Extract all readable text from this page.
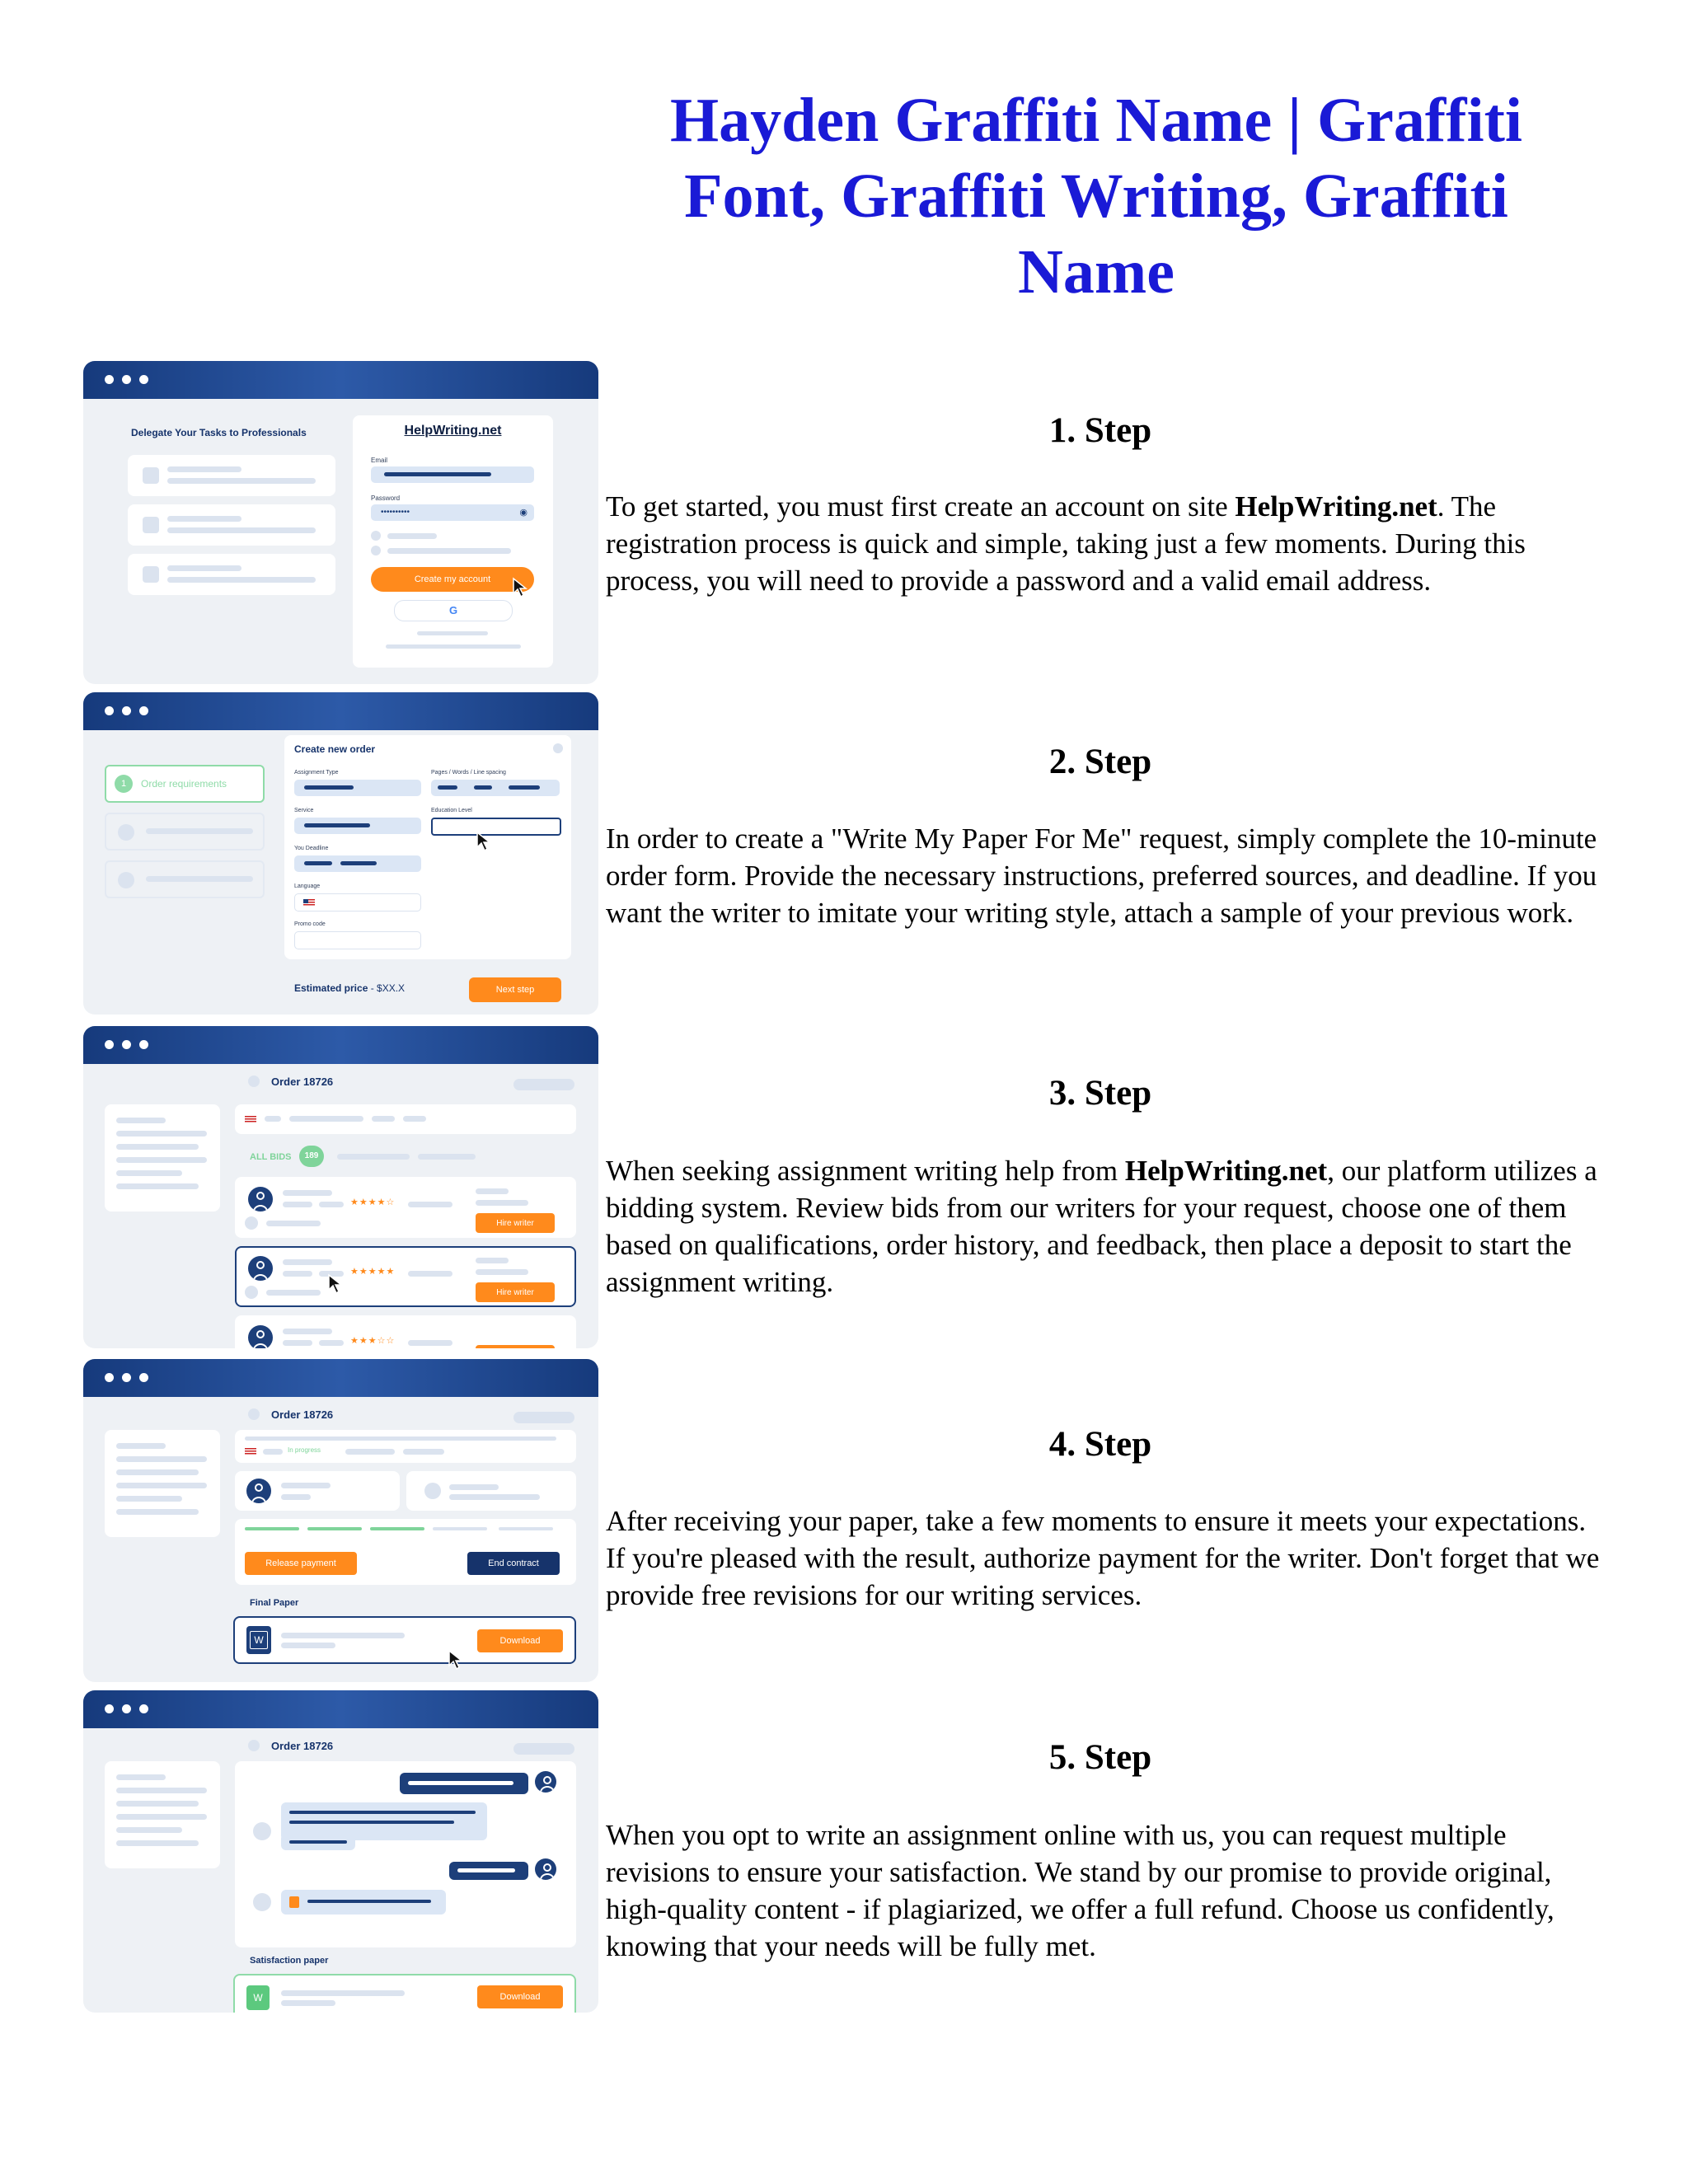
Hayden Graffiti Name | Graffiti Font, Graffiti Writing, Graffiti Name
1. Step

To get started, you must first create an account on site HelpWriting.net. The registration process is quick and simple, taking just a few moments. During this process, you will need to provide a password and a valid email address.

2. Step

In order to create a "Write My Paper For Me" request, simply complete the 10-minute order form. Provide the necessary instructions, preferred sources, and deadline. If you want the writer to imitate your writing style, attach a sample of your previous work.

3. Step

When seeking assignment writing help from HelpWriting.net, our platform utilizes a bidding system. Review bids from our writers for your request, choose one of them based on qualifications, order history, and feedback, then place a deposit to start the assignment writing.

4. Step

After receiving your paper, take a few moments to ensure it meets your expectations. If you're pleased with the result, authorize payment for the writer. Don't forget that we provide free revisions for our writing services.

5. Step

When you opt to write an assignment online with us, you can request multiple revisions to ensure your satisfaction. We stand by our promise to provide original, high-quality content - if plagiarized, we offer a full refund. Choose us confidently, knowing that your needs will be fully met.

Delegate Your Tasks to Professionals	HelpWriting.net
Email
Password
••••••••••	◉
Create my account
G
1	Order requirements
Create new order
Assignment Type	Pages / Words / Line spacing
Service	Education Level
You Deadline
Language
Promo code
Estimated price - $XX.X	Next step
Order 18726
ALL BIDS	189
★★★★☆
Hire writer
★★★★★
Hire writer
★★★☆☆
Order 18726
In progress
Release payment	End contract
Final Paper
W	Download
Order 18726
Satisfaction paper
W	Download
